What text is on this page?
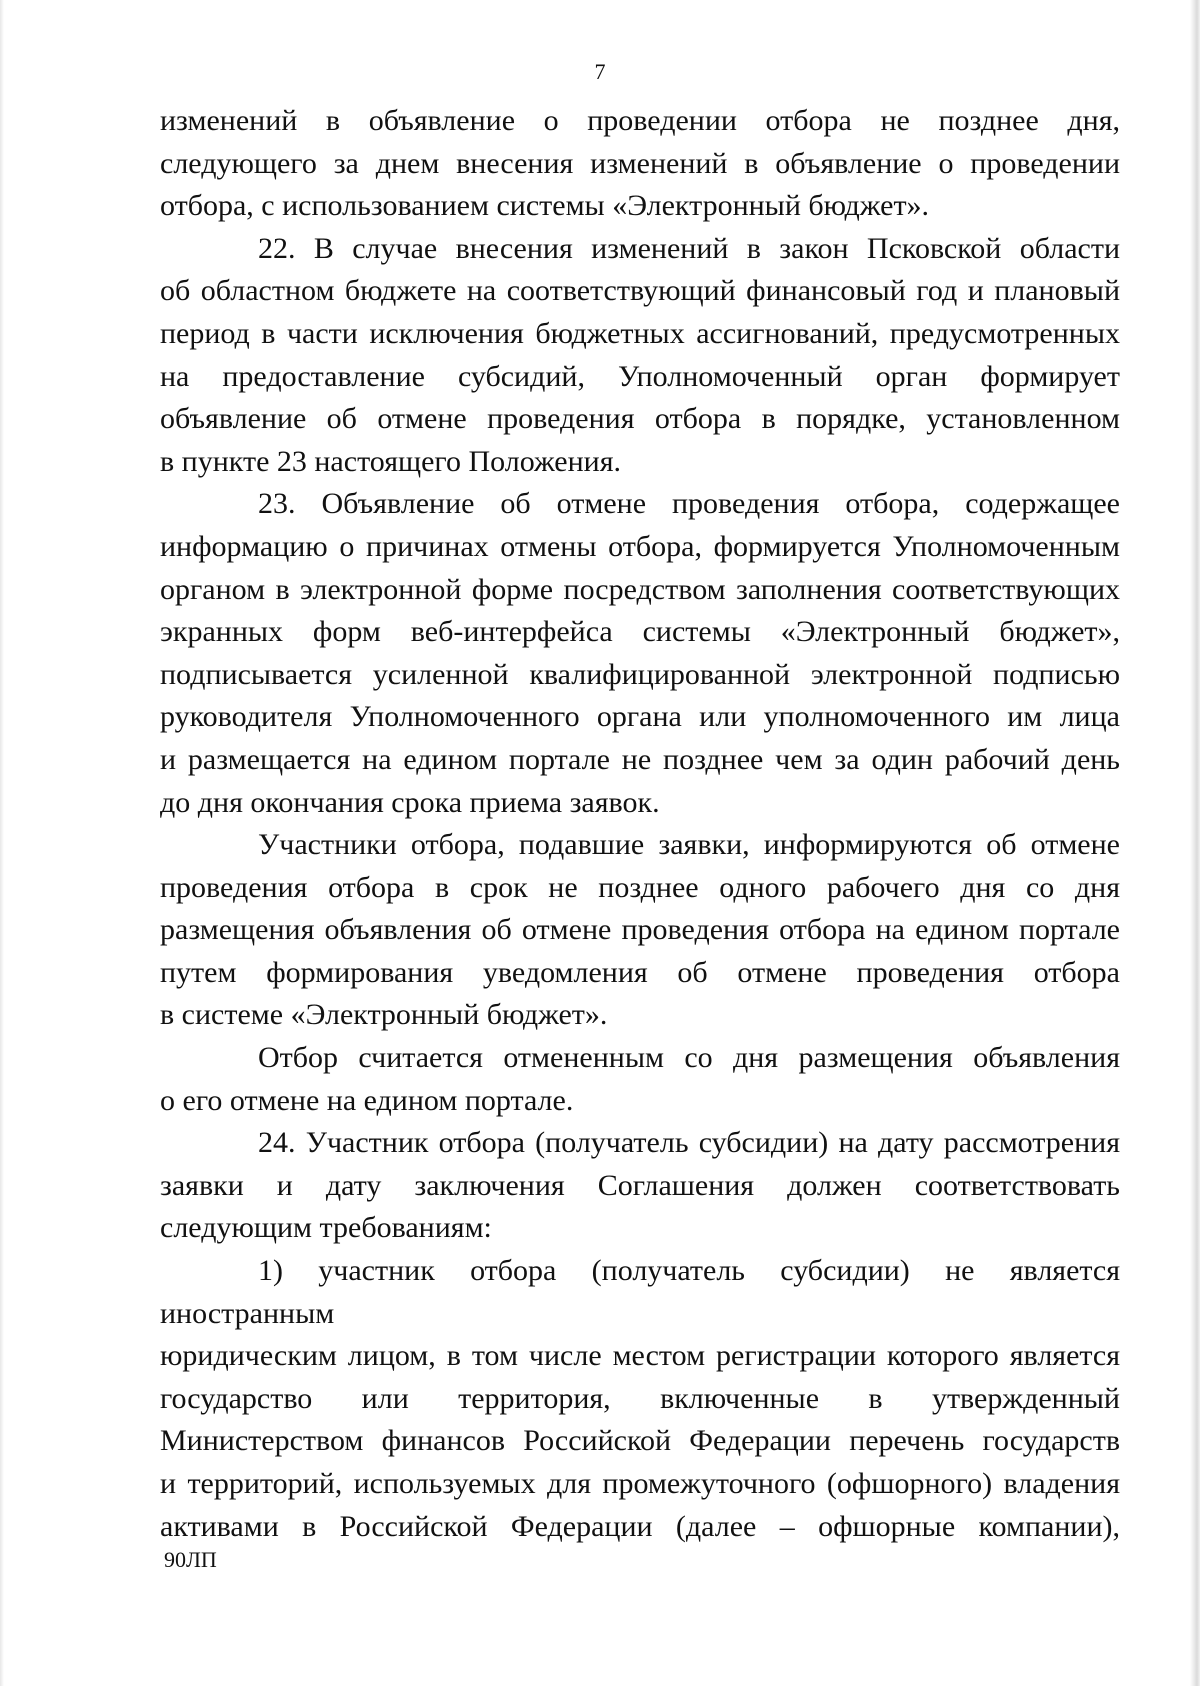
7

изменений в объявление о проведении отбора не позднее дня,

следующего за днем внесения изменений в объявление о проведении

отбора, с использованием системы «Электронный бюджет».

22. В случае внесения изменений в закон Псковской области

об областном бюджете на соответствующий финансовый год и плановый

период в части исключения бюджетных ассигнований, предусмотренных

на предоставление субсидий, Уполномоченный орган формирует

объявление об отмене проведения отбора в порядке, установленном

в пункте 23 настоящего Положения.

23. Объявление об отмене проведения отбора, содержащее

информацию о причинах отмены отбора, формируется Уполномоченным

органом в электронной форме посредством заполнения соответствующих

экранных форм веб-интерфейса системы «Электронный бюджет»,

подписывается усиленной квалифицированной электронной подписью

руководителя Уполномоченного органа или уполномоченного им лица

и размещается на едином портале не позднее чем за один рабочий день

до дня окончания срока приема заявок.

Участники отбора, подавшие заявки, информируются об отмене

проведения отбора в срок не позднее одного рабочего дня со дня

размещения объявления об отмене проведения отбора на едином портале

путем формирования уведомления об отмене проведения отбора

в системе «Электронный бюджет».

Отбор считается отмененным со дня размещения объявления

о его отмене на едином портале.

24. Участник отбора (получатель субсидии) на дату рассмотрения

заявки и дату заключения Соглашения должен соответствовать

следующим требованиям:

1) участник отбора (получатель субсидии) не является иностранным

юридическим лицом, в том числе местом регистрации которого является

государство или территория, включенные в утвержденный

Министерством финансов Российской Федерации перечень государств

и территорий, используемых для промежуточного (офшорного) владения

активами в Российской Федерации (далее – офшорные компании),

90ЛП
